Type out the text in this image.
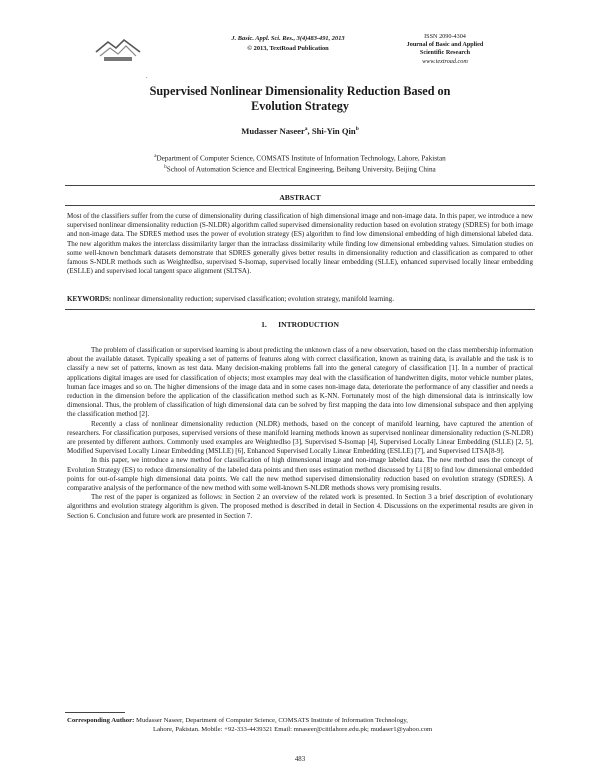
.
J. Basic. Appl. Sci. Res., 3(4)483-491, 2013
© 2013, TextRoad Publication
ISSN 2090-4304
Journal of Basic and Applied
Scientific Research
www.textroad.com
Supervised Nonlinear Dimensionality Reduction Based on
Evolution Strategy
Mudasser Naseer$^a$, Shi-Yin Qin$^b$
$^a$Department of Computer Science, COMSATS Institute of Information Technology, Lahore, Pakistan
$^b$School of Automation Science and Electrical Engineering, Beihang University, Beijing China
ABSTRACT
Most of the classifiers suffer from the curse of dimensionality during classification of high dimensional image and non-image data. In this paper, we introduce a new supervised nonlinear dimensionality reduction (S-NLDR) algorithm called supervised dimensionality reduction based on evolution strategy (SDRES) for both image and non-image data. The SDRES method uses the power of evolution strategy (ES) algorithm to find low dimensional embedding of high dimensional labeled data. The new algorithm makes the interclass dissimilarity larger than the intraclass dissimilarity while finding low dimensional embedding values. Simulation studies on some well-known benchmark datasets demonstrate that SDRES generally gives better results in dimensionality reduction and classification as compared to other famous S-NDLR methods such as WeightedIso, supervised S-Isomap, supervised locally linear embedding (SLLE), enhanced supervised locally linear embedding (ESLLE) and supervised local tangent space alignment (SLTSA).
KEYWORDS: nonlinear dimensionality reduction; supervised classification; evolution strategy, manifold learning.
1.      INTRODUCTION

The problem of classification or supervised learning is about predicting the unknown class of a new observation, based on the class membership information about the available dataset. Typically speaking a set of patterns of features along with correct classification, known as training data, is available and the task is to classify a new set of patterns, known as test data. Many decision-making problems fall into the general category of classification [1]. In a number of practical applications digital images are used for classification of objects; most examples may deal with the classification of handwritten digits, motor vehicle number plates, human face images and so on. The higher dimensions of the image data and in some cases non-image data, deteriorate the performance of any classifier and needs a reduction in the dimension before the application of the classification method such as K-NN. Fortunately most of the high dimensional data is intrinsically low dimensional. Thus, the problem of classification of high dimensional data can be solved by first mapping the data into low dimensional subspace and then applying the classification method [2].

Recently a class of nonlinear dimensionality reduction (NLDR) methods, based on the concept of manifold learning, have captured the attention of researchers. For classification purposes, supervised versions of these manifold learning methods known as supervised nonlinear dimensionality reduction (S-NLDR) are presented by different authors. Commonly used examples are WeightedIso [3], Supervised S-Isomap [4], Supervised Locally Linear Embedding (SLLE) [2, 5], Modified Supervised Locally Linear Embedding (MSLLE) [6], Enhanced Supervised Locally Linear Embedding (ESLLE) [7], and Supervised LTSA[8-9].

In this paper, we introduce a new method for classification of high dimensional image and non-image labeled data. The new method uses the concept of Evolution Strategy (ES) to reduce dimensionality of the labeled data points and then uses estimation method discussed by Li [8] to find low dimensional embedded points for out-of-sample high dimensional data points. We call the new method supervised dimensionality reduction based on evolution strategy (SDRES). A comparative analysis of the performance of the new method with some well-known S-NLDR methods shows very promising results.

The rest of the paper is organized as follows: in Section 2 an overview of the related work is presented. In Section 3 a brief description of evolutionary algorithms and evolution strategy algorithm is given. The proposed method is described in detail in Section 4. Discussions on the experimental results are given in Section 6. Conclusion and future work are presented in Section 7.

Corresponding Author: Mudasser Naseer, Department of Computer Science, COMSATS Institute of Information Technology,
Lahore, Pakistan. Mobile: +92-333-4439321 Email: mnaseer@ciitlahore.edu.pk; mudaser1@yahoo.com
483
